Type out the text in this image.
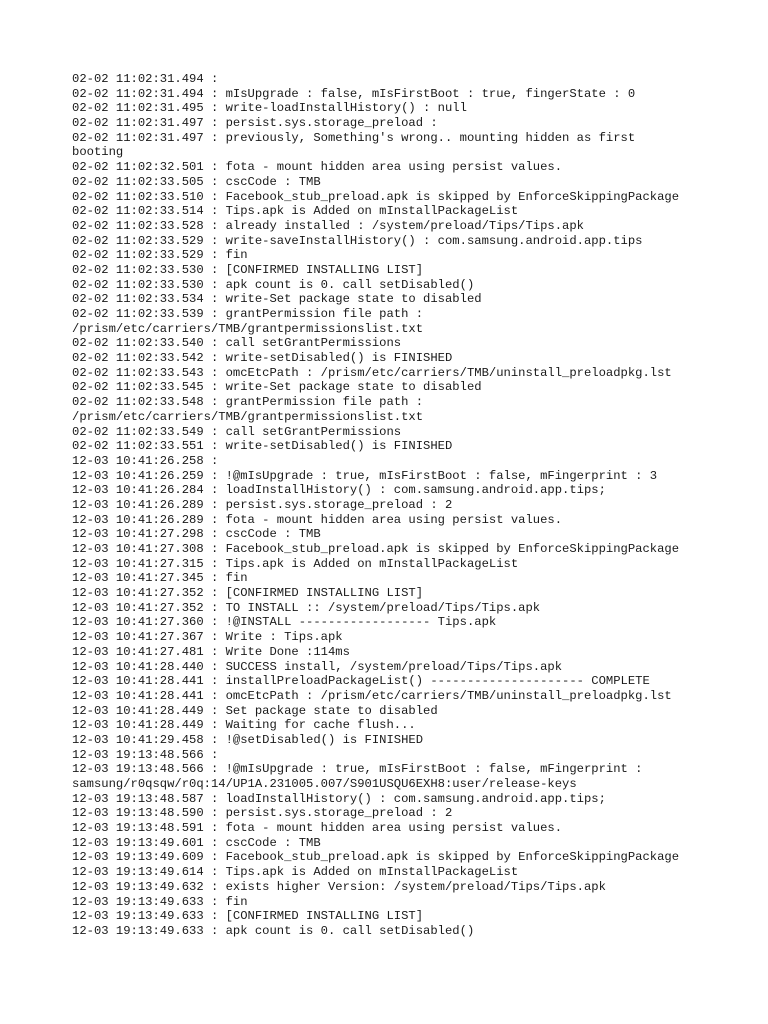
02-02 11:02:31.494 :
02-02 11:02:31.494 : mIsUpgrade : false, mIsFirstBoot : true, fingerState : 0
02-02 11:02:31.495 : write-loadInstallHistory() : null
02-02 11:02:31.497 : persist.sys.storage_preload :
02-02 11:02:31.497 : previously, Something's wrong.. mounting hidden as first
booting
02-02 11:02:32.501 : fota - mount hidden area using persist values.
02-02 11:02:33.505 : cscCode : TMB
02-02 11:02:33.510 : Facebook_stub_preload.apk is skipped by EnforceSkippingPackage
02-02 11:02:33.514 : Tips.apk is Added on mInstallPackageList
02-02 11:02:33.528 : already installed : /system/preload/Tips/Tips.apk
02-02 11:02:33.529 : write-saveInstallHistory() : com.samsung.android.app.tips
02-02 11:02:33.529 : fin
02-02 11:02:33.530 : [CONFIRMED INSTALLING LIST]
02-02 11:02:33.530 : apk count is 0. call setDisabled()
02-02 11:02:33.534 : write-Set package state to disabled
02-02 11:02:33.539 : grantPermission file path :
/prism/etc/carriers/TMB/grantpermissionslist.txt
02-02 11:02:33.540 : call setGrantPermissions
02-02 11:02:33.542 : write-setDisabled() is FINISHED
02-02 11:02:33.543 : omcEtcPath : /prism/etc/carriers/TMB/uninstall_preloadpkg.lst
02-02 11:02:33.545 : write-Set package state to disabled
02-02 11:02:33.548 : grantPermission file path :
/prism/etc/carriers/TMB/grantpermissionslist.txt
02-02 11:02:33.549 : call setGrantPermissions
02-02 11:02:33.551 : write-setDisabled() is FINISHED
12-03 10:41:26.258 :
12-03 10:41:26.259 : !@mIsUpgrade : true, mIsFirstBoot : false, mFingerprint : 3
12-03 10:41:26.284 : loadInstallHistory() : com.samsung.android.app.tips;
12-03 10:41:26.289 : persist.sys.storage_preload : 2
12-03 10:41:26.289 : fota - mount hidden area using persist values.
12-03 10:41:27.298 : cscCode : TMB
12-03 10:41:27.308 : Facebook_stub_preload.apk is skipped by EnforceSkippingPackage
12-03 10:41:27.315 : Tips.apk is Added on mInstallPackageList
12-03 10:41:27.345 : fin
12-03 10:41:27.352 : [CONFIRMED INSTALLING LIST]
12-03 10:41:27.352 : TO INSTALL :: /system/preload/Tips/Tips.apk
12-03 10:41:27.360 : !@INSTALL ------------------ Tips.apk
12-03 10:41:27.367 : Write : Tips.apk
12-03 10:41:27.481 : Write Done :114ms
12-03 10:41:28.440 : SUCCESS install, /system/preload/Tips/Tips.apk
12-03 10:41:28.441 : installPreloadPackageList() --------------------- COMPLETE
12-03 10:41:28.441 : omcEtcPath : /prism/etc/carriers/TMB/uninstall_preloadpkg.lst
12-03 10:41:28.449 : Set package state to disabled
12-03 10:41:28.449 : Waiting for cache flush...
12-03 10:41:29.458 : !@setDisabled() is FINISHED
12-03 19:13:48.566 :
12-03 19:13:48.566 : !@mIsUpgrade : true, mIsFirstBoot : false, mFingerprint :
samsung/r0qsqw/r0q:14/UP1A.231005.007/S901USQU6EXH8:user/release-keys
12-03 19:13:48.587 : loadInstallHistory() : com.samsung.android.app.tips;
12-03 19:13:48.590 : persist.sys.storage_preload : 2
12-03 19:13:48.591 : fota - mount hidden area using persist values.
12-03 19:13:49.601 : cscCode : TMB
12-03 19:13:49.609 : Facebook_stub_preload.apk is skipped by EnforceSkippingPackage
12-03 19:13:49.614 : Tips.apk is Added on mInstallPackageList
12-03 19:13:49.632 : exists higher Version: /system/preload/Tips/Tips.apk
12-03 19:13:49.633 : fin
12-03 19:13:49.633 : [CONFIRMED INSTALLING LIST]
12-03 19:13:49.633 : apk count is 0. call setDisabled()
